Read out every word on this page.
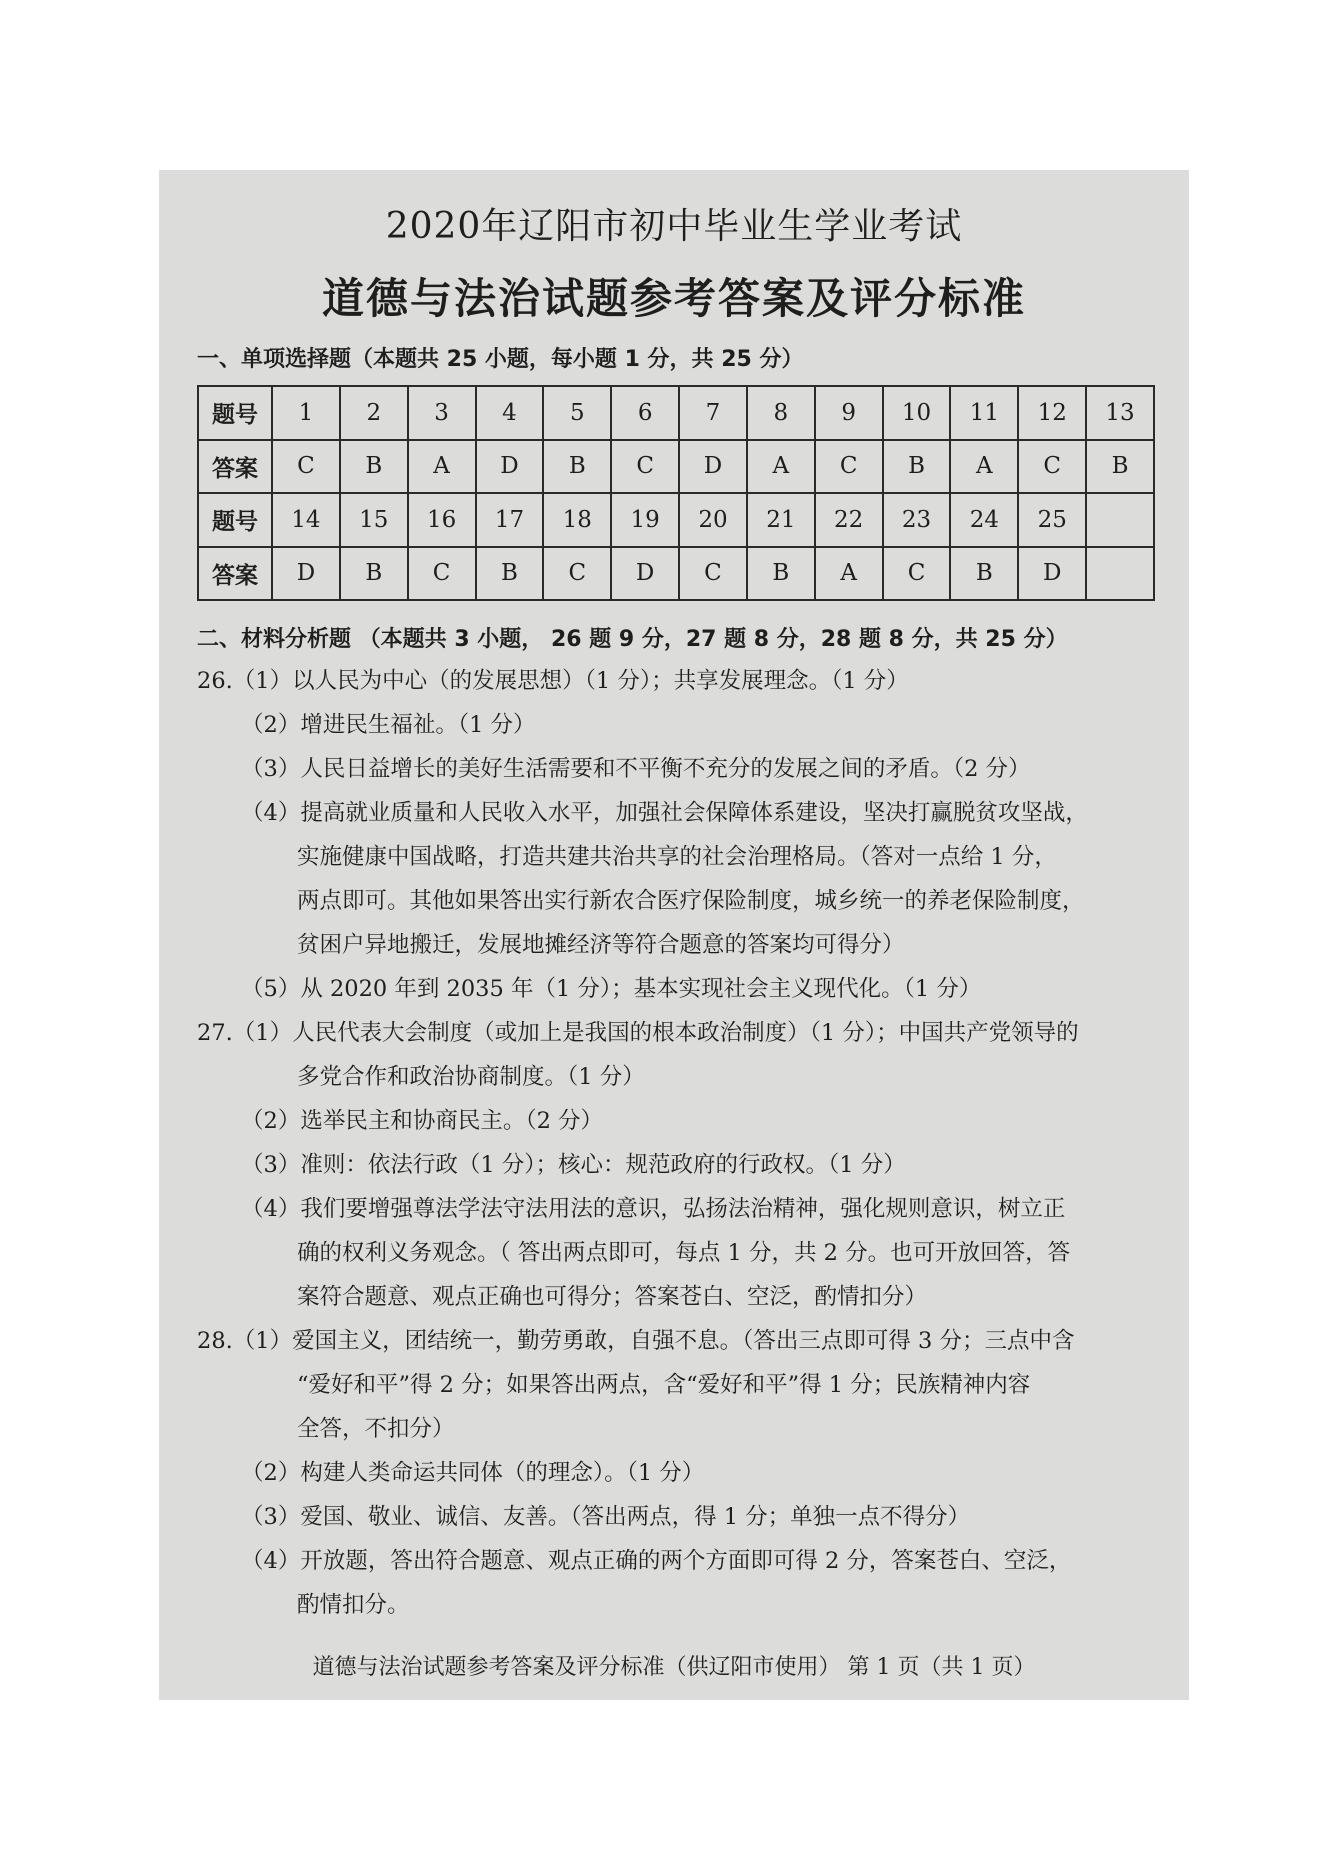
2020年辽阳市初中毕业生学业考试
道德与法治试题参考答案及评分标准
一、单项选择题（本题共 25 小题，每小题 1 分，共 25 分）
题号	1	2	3	4	5	6	7	8	9	10	11	12	13
答案	C	B	A	D	B	C	D	A	C	B	A	C	B
题号	14	15	16	17	18	19	20	21	22	23	24	25	
答案	D	B	C	B	C	D	C	B	A	C	B	D	
二、材料分析题 （本题共 3 小题， 26 题 9 分，27 题 8 分，28 题 8 分，共 25 分）
26.（1）以人民为中心（的发展思想）（1 分）；共享发展理念。（1 分）
（2）增进民生福祉。（1 分）
（3）人民日益增长的美好生活需要和不平衡不充分的发展之间的矛盾。（2 分）
（4）提高就业质量和人民收入水平，加强社会保障体系建设，坚决打赢脱贫攻坚战，
实施健康中国战略，打造共建共治共享的社会治理格局。（答对一点给 1 分，
两点即可。其他如果答出实行新农合医疗保险制度，城乡统一的养老保险制度，
贫困户异地搬迁，发展地摊经济等符合题意的答案均可得分）
（5）从 2020 年到 2035 年（1 分）；基本实现社会主义现代化。（1 分）
27.（1）人民代表大会制度（或加上是我国的根本政治制度）（1 分）；中国共产党领导的
多党合作和政治协商制度。（1 分）
（2）选举民主和协商民主。（2 分）
（3）准则：依法行政（1 分）；核心：规范政府的行政权。（1 分）
（4）我们要增强尊法学法守法用法的意识，弘扬法治精神，强化规则意识，树立正
确的权利义务观念。（ 答出两点即可，每点 1 分，共 2 分。也可开放回答，答
案符合题意、观点正确也可得分；答案苍白、空泛，酌情扣分）
28.（1）爱国主义，团结统一，勤劳勇敢，自强不息。（答出三点即可得 3 分；三点中含
“爱好和平”得 2 分；如果答出两点，含“爱好和平”得 1 分；民族精神内容
全答，不扣分）
（2）构建人类命运共同体（的理念）。（1 分）
（3）爱国、敬业、诚信、友善。（答出两点，得 1 分；单独一点不得分）
（4）开放题，答出符合题意、观点正确的两个方面即可得 2 分，答案苍白、空泛，
酌情扣分。
道德与法治试题参考答案及评分标准（供辽阳市使用） 第 1 页（共 1 页）
